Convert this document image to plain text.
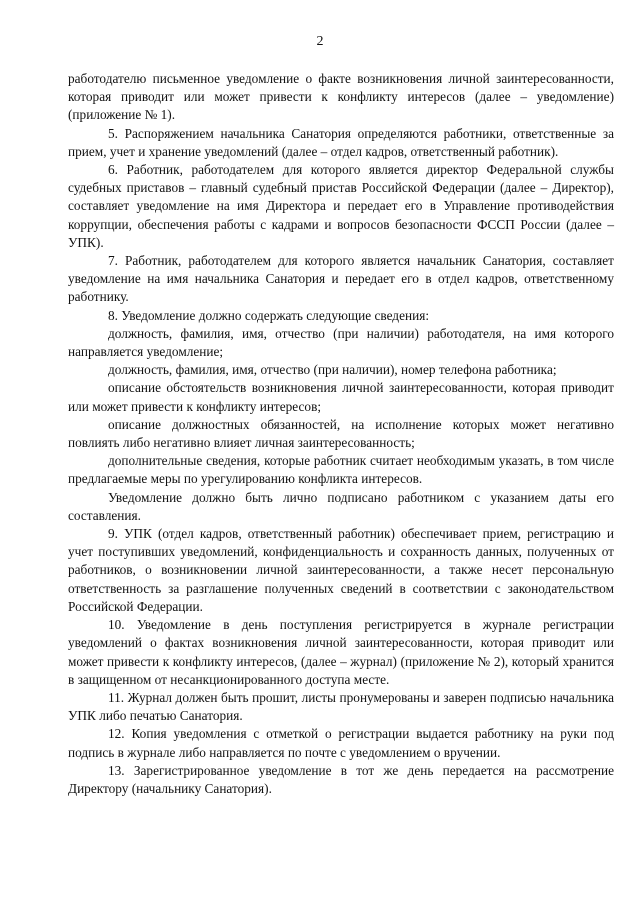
2

работодателю письменное уведомление о факте возникновения личной заинтересованности, которая приводит или может привести к конфликту интересов (далее – уведомление) (приложение № 1).

5. Распоряжением начальника Санатория определяются работники, ответственные за прием, учет и хранение уведомлений (далее – отдел кадров, ответственный работник).

6. Работник, работодателем для которого является директор Федеральной службы судебных приставов – главный судебный пристав Российской Федерации (далее – Директор), составляет уведомление на имя Директора и передает его в Управление противодействия коррупции, обеспечения работы с кадрами и вопросов безопасности ФССП России (далее – УПК).

7. Работник, работодателем для которого является начальник Санатория, составляет уведомление на имя начальника Санатория и передает его в отдел кадров, ответственному работнику.

8. Уведомление должно содержать следующие сведения:

должность, фамилия, имя, отчество (при наличии) работодателя, на имя которого направляется уведомление;

должность, фамилия, имя, отчество (при наличии), номер телефона работника;

описание обстоятельств возникновения личной заинтересованности, которая приводит или может привести к конфликту интересов;

описание должностных обязанностей, на исполнение которых может негативно повлиять либо негативно влияет личная заинтересованность;

дополнительные сведения, которые работник считает необходимым указать, в том числе предлагаемые меры по урегулированию конфликта интересов.

Уведомление должно быть лично подписано работником с указанием даты его составления.

9. УПК (отдел кадров, ответственный работник) обеспечивает прием, регистрацию и учет поступивших уведомлений, конфиденциальность и сохранность данных, полученных от работников, о возникновении личной заинтересованности, а также несет персональную ответственность за разглашение полученных сведений в соответствии с законодательством Российской Федерации.

10. Уведомление в день поступления регистрируется в журнале регистрации уведомлений о фактах возникновения личной заинтересованности, которая приводит или может привести к конфликту интересов, (далее – журнал) (приложение № 2), который хранится в защищенном от несанкционированного доступа месте.

11. Журнал должен быть прошит, листы пронумерованы и заверен подписью начальника УПК либо печатью Санатория.

12. Копия уведомления с отметкой о регистрации выдается работнику на руки под подпись в журнале либо направляется по почте с уведомлением о вручении.

13. Зарегистрированное уведомление в тот же день передается на рассмотрение Директору (начальнику Санатория).
